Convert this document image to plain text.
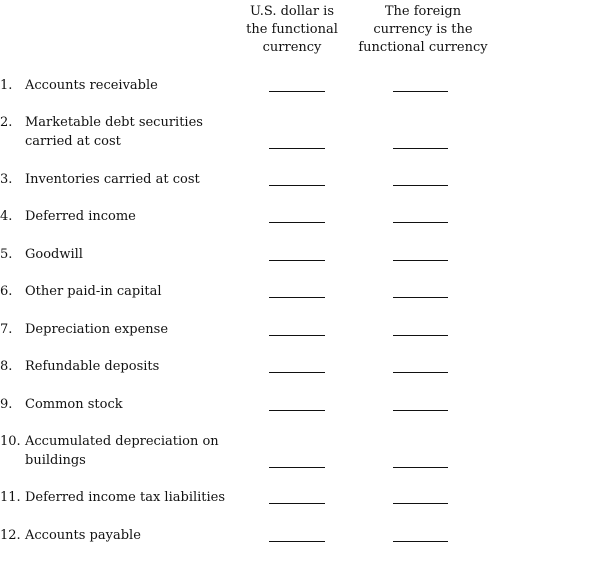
U.S. dollar is
the functional
currency
The foreign
currency is the
functional currency
1. Accounts receivable
2. Marketable debt securities
carried at cost
3. Inventories carried at cost
4. Deferred income
5. Goodwill
6. Other paid-in capital
7. Depreciation expense
8. Refundable deposits
9. Common stock
10. Accumulated depreciation on
buildings
11. Deferred income tax liabilities
12. Accounts payable
